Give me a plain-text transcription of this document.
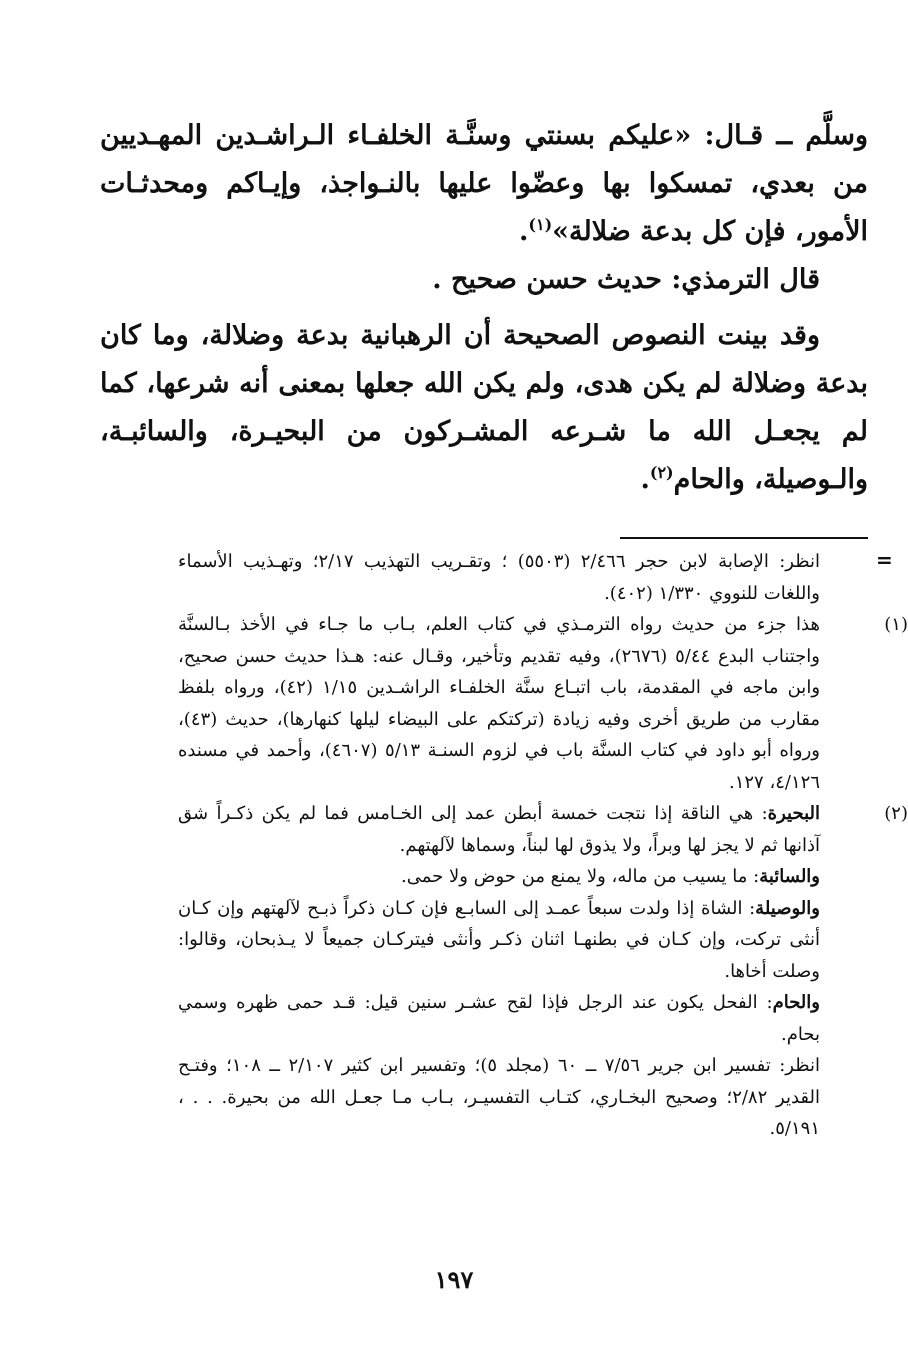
وسلَّم ــ قـال: «عليكم بسنتي وسنَّـة الخلفـاء الـراشـدين المهـديين من بعدي، تمسكوا بها وعضّوا عليها بالنـواجذ، وإيـاكم ومحدثـات الأمور، فإن كل بدعة ضلالة»$^{(١)}$.

قال الترمذي: حديث حسن صحيح .

وقد بينت النصوص الصحيحة أن الرهبانية بدعة وضلالة، وما كان بدعة وضلالة لم يكن هدى، ولم يكن الله جعلها بمعنى أنه شرعها، كما لم يجعـل الله ما شـرعه المشـركون من البحيـرة، والسائبـة، والـوصيلة، والحام$^{(٢)}$.

=

انظر: الإصابة لابن حجر ٢/٤٦٦ (٥٥٠٣) ؛ وتقـريب التهذيب ٢/١٧؛ وتهـذيب الأسماء واللغات للنووي ١/٣٣٠ (٤٠٢).

(١)

هذا جزء من حديث رواه الترمـذي في كتاب العلم، بـاب ما جـاء في الأخذ بـالسنَّة واجتناب البدع ٥/٤٤ (٢٦٧٦)، وفيه تقديم وتأخير، وقـال عنه: هـذا حديث حسن صحيح، وابن ماجه في المقدمة، باب اتبـاع سنَّة الخلفـاء الراشـدين ١/١٥ (٤٢)، ورواه بلفظ مقارب من طريق أخرى وفيه زيادة (تركتكم على البيضاء ليلها كنهارها)، حديث (٤٣)، ورواه أبو داود في كتاب السنَّة باب في لزوم السنـة ٥/١٣ (٤٦٠٧)، وأحمد في مسنده ٤/١٢٦، ١٢٧.

(٢)

البحيرة: هي الناقة إذا نتجت خمسة أبطن عمد إلى الخـامس فما لم يكن ذكـراً شق آذانها ثم لا يجز لها وبراً، ولا يذوق لها لبناً، وسماها لآلهتهم.

والسائبة: ما يسيب من ماله، ولا يمنع من حوض ولا حمى.

والوصيلة: الشاة إذا ولدت سبعاً عمـد إلى السابـع فإن كـان ذكراً ذبـح لآلهتهم وإن كـان أنثى تركت، وإن كـان في بطنهـا اثنان ذكـر وأنثى فيتركـان جميعاً لا يـذبحان، وقالوا: وصلت أخاها.

والحام: الفحل يكون عند الرجل فإذا لقح عشـر سنين قيل: قـد حمى ظهره وسمي بحام.

انظر: تفسير ابن جرير ٧/٥٦ ــ ٦٠ (مجلد ٥)؛ وتفسير ابن كثير ٢/١٠٧ ــ ١٠٨؛ وفتـح القدير ٢/٨٢؛ وصحيح البخـاري، كتـاب التفسيـر، بـاب مـا جعـل الله من بحيرة. . . ، ٥/١٩١.

١٩٧
